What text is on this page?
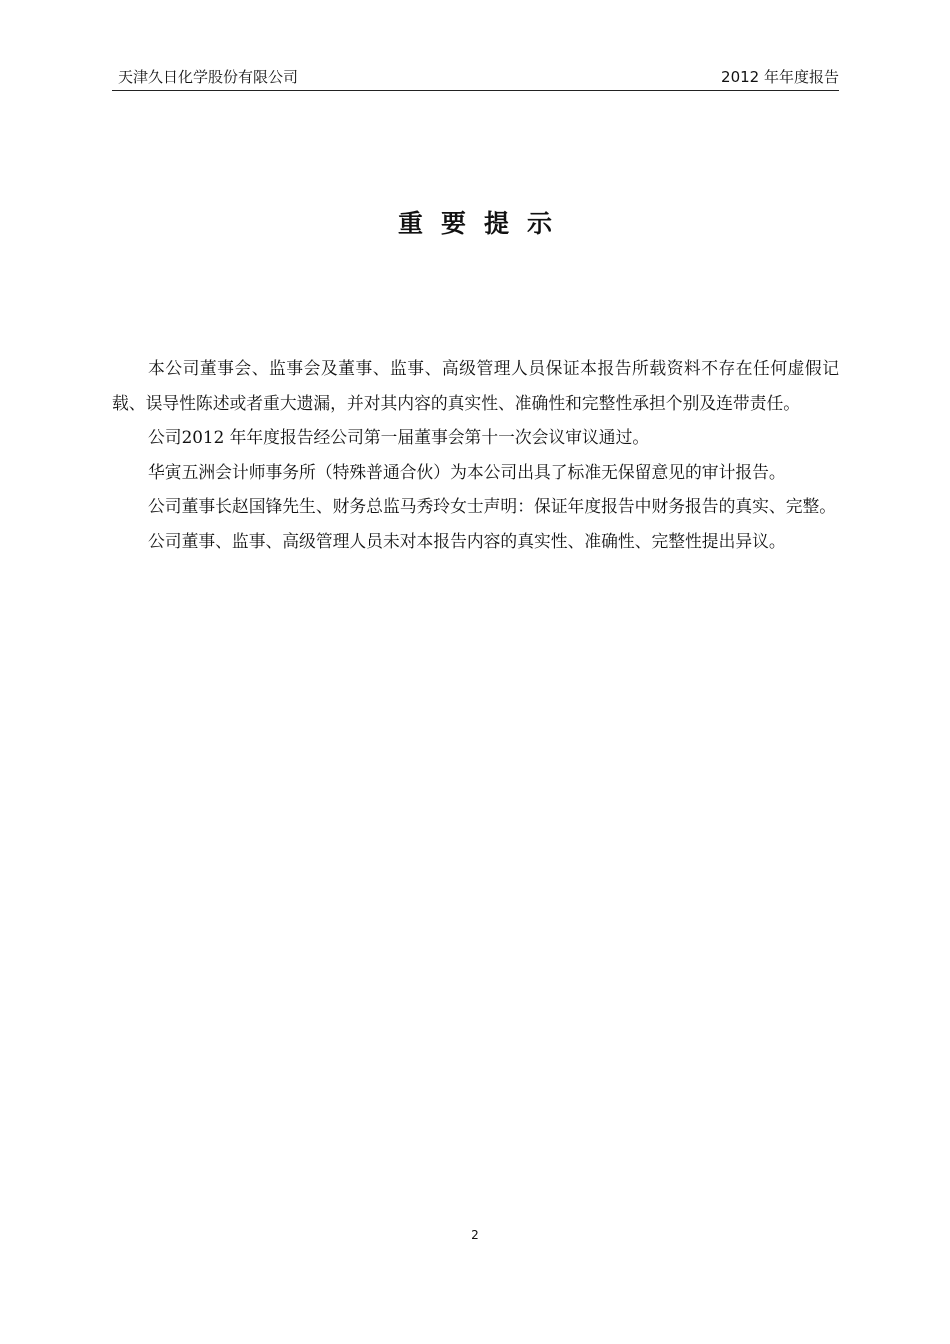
天津久日化学股份有限公司	2012 年年度报告
重要提示

本公司董事会、监事会及董事、监事、高级管理人员保证本报告所载资料不存在任何虚假记载、误导性陈述或者重大遗漏，并对其内容的真实性、准确性和完整性承担个别及连带责任。

公司2012 年年度报告经公司第一届董事会第十一次会议审议通过。

华寅五洲会计师事务所（特殊普通合伙）为本公司出具了标准无保留意见的审计报告。

公司董事长赵国锋先生、财务总监马秀玲女士声明：保证年度报告中财务报告的真实、完整。

公司董事、监事、高级管理人员未对本报告内容的真实性、准确性、完整性提出异议。

2
